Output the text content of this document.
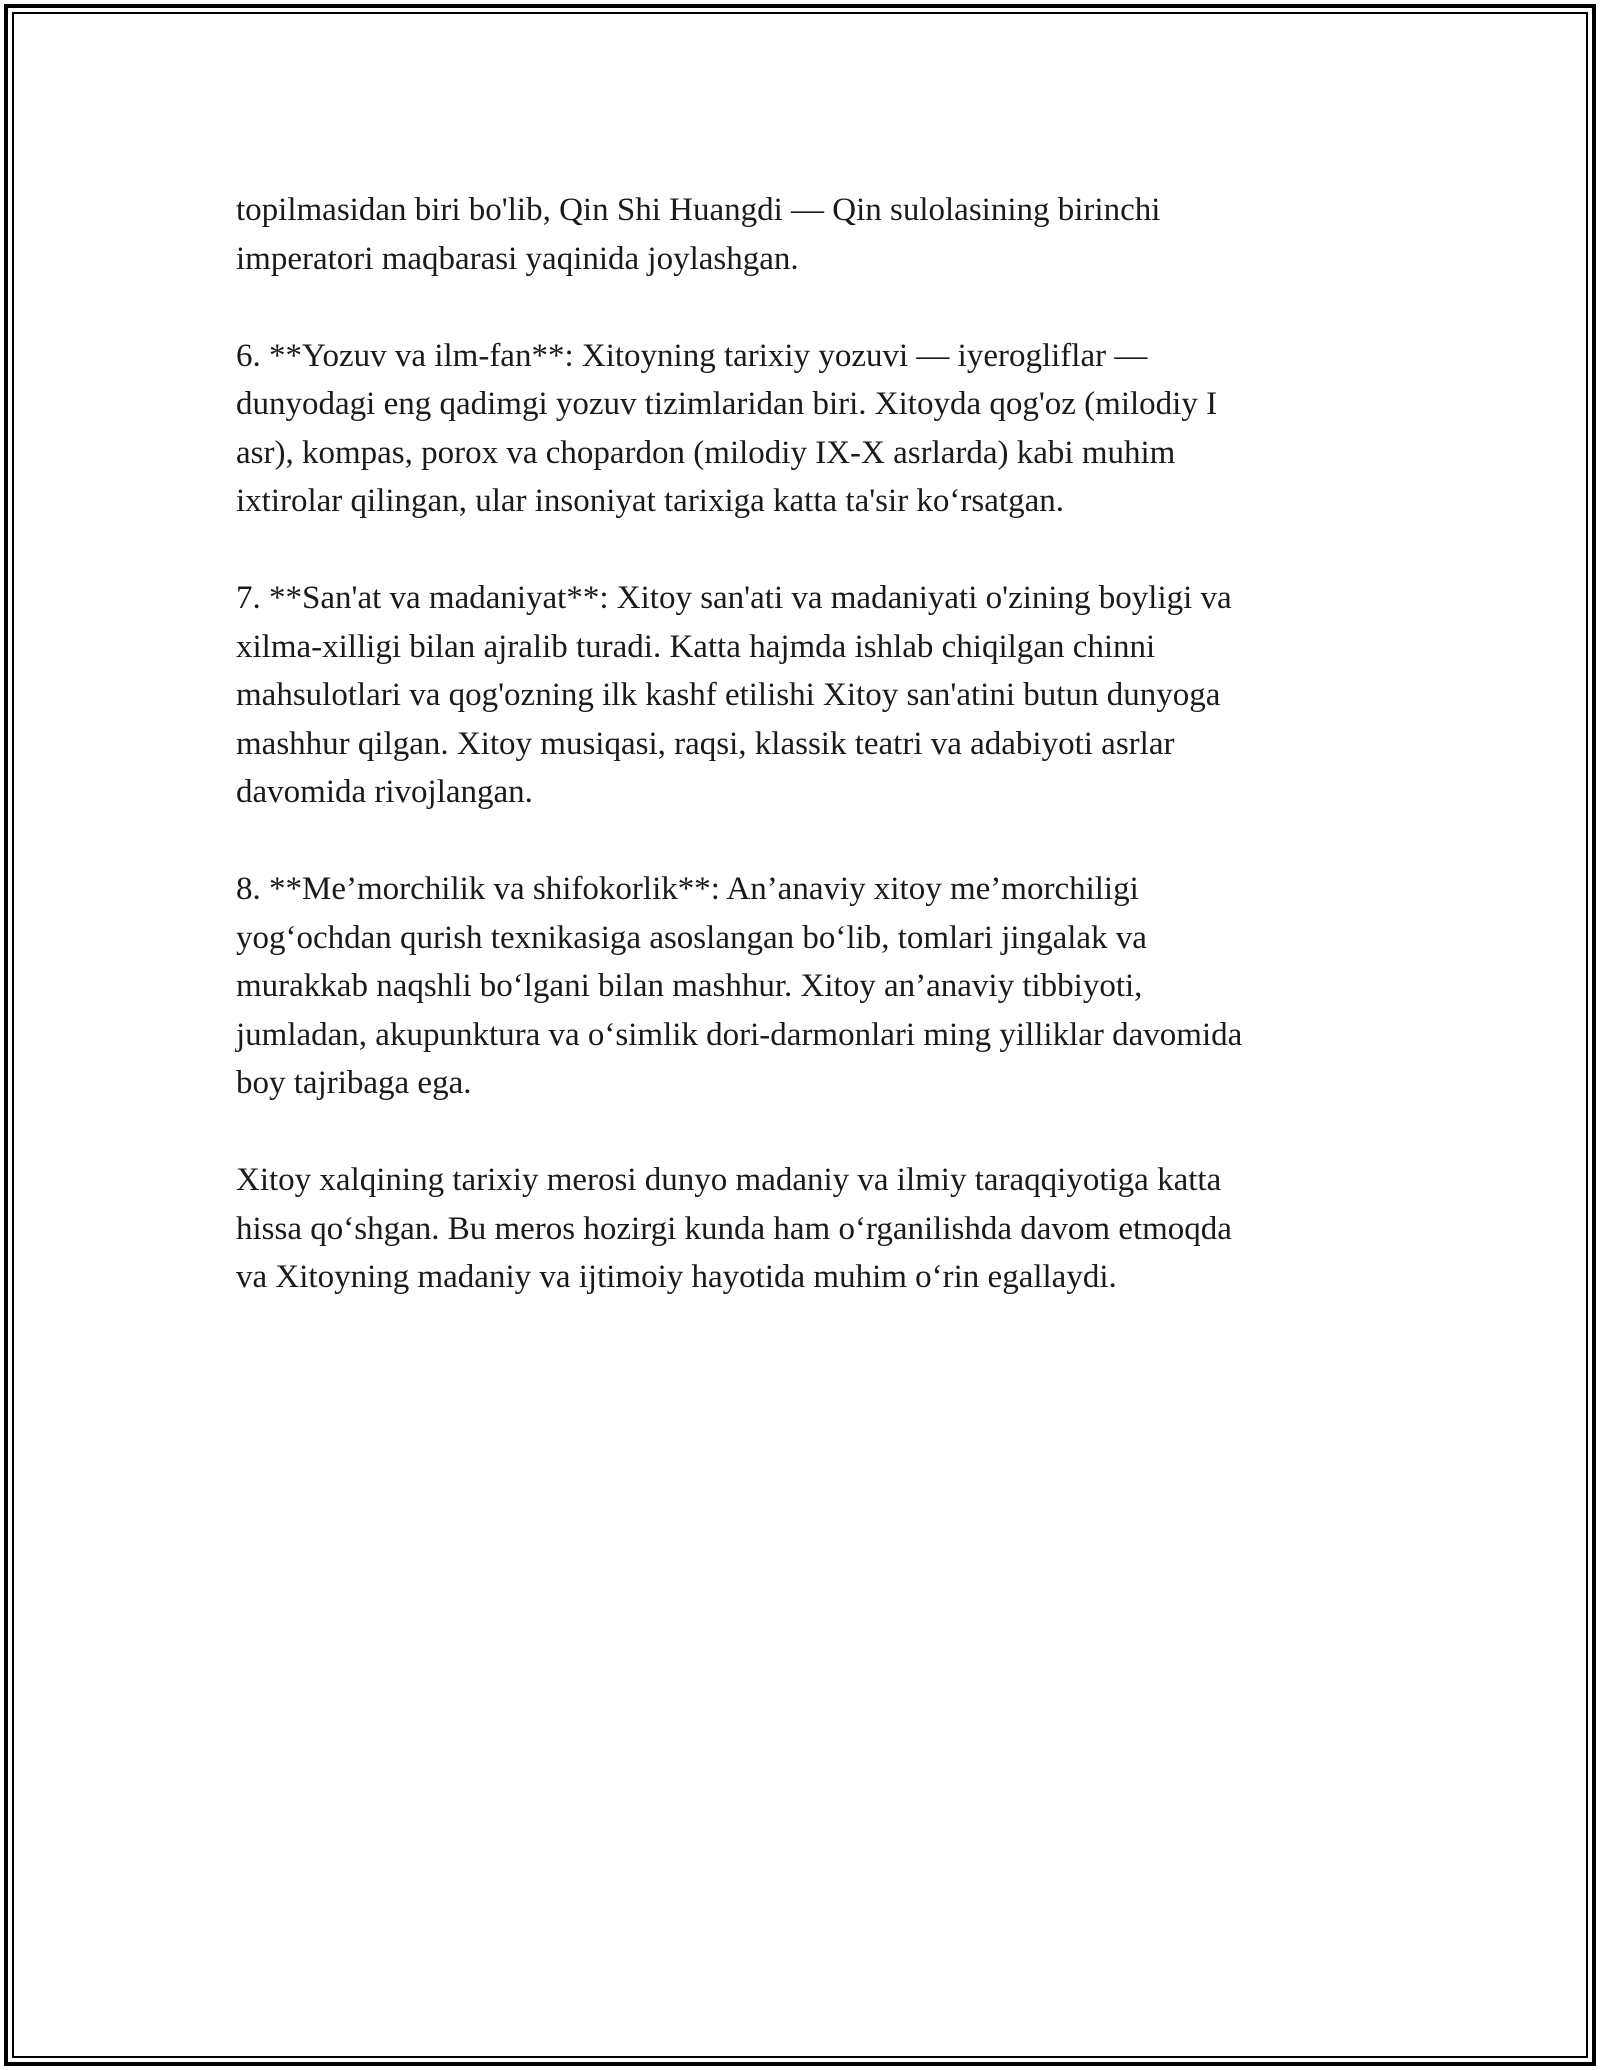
topilmasidan biri bo'lib, Qin Shi Huangdi — Qin sulolasining birinchi
imperatori maqbarasi yaqinida joylashgan.

6. **Yozuv va ilm-fan**: Xitoyning tarixiy yozuvi — iyerogliflar —
dunyodagi eng qadimgi yozuv tizimlaridan biri. Xitoyda qog'oz (milodiy I
asr), kompas, porox va chopardon (milodiy IX-X asrlarda) kabi muhim
ixtirolar qilingan, ular insoniyat tarixiga katta ta'sir ko‘rsatgan.

7. **San'at va madaniyat**: Xitoy san'ati va madaniyati o'zining boyligi va
xilma-xilligi bilan ajralib turadi. Katta hajmda ishlab chiqilgan chinni
mahsulotlari va qog'ozning ilk kashf etilishi Xitoy san'atini butun dunyoga
mashhur qilgan. Xitoy musiqasi, raqsi, klassik teatri va adabiyoti asrlar
davomida rivojlangan.

8. **Me’morchilik va shifokorlik**: An’anaviy xitoy me’morchiligi
yog‘ochdan qurish texnikasiga asoslangan bo‘lib, tomlari jingalak va
murakkab naqshli bo‘lgani bilan mashhur. Xitoy an’anaviy tibbiyoti,
jumladan, akupunktura va o‘simlik dori-darmonlari ming yilliklar davomida
boy tajribaga ega.

Xitoy xalqining tarixiy merosi dunyo madaniy va ilmiy taraqqiyotiga katta
hissa qo‘shgan. Bu meros hozirgi kunda ham o‘rganilishda davom etmoqda
va Xitoyning madaniy va ijtimoiy hayotida muhim o‘rin egallaydi.
